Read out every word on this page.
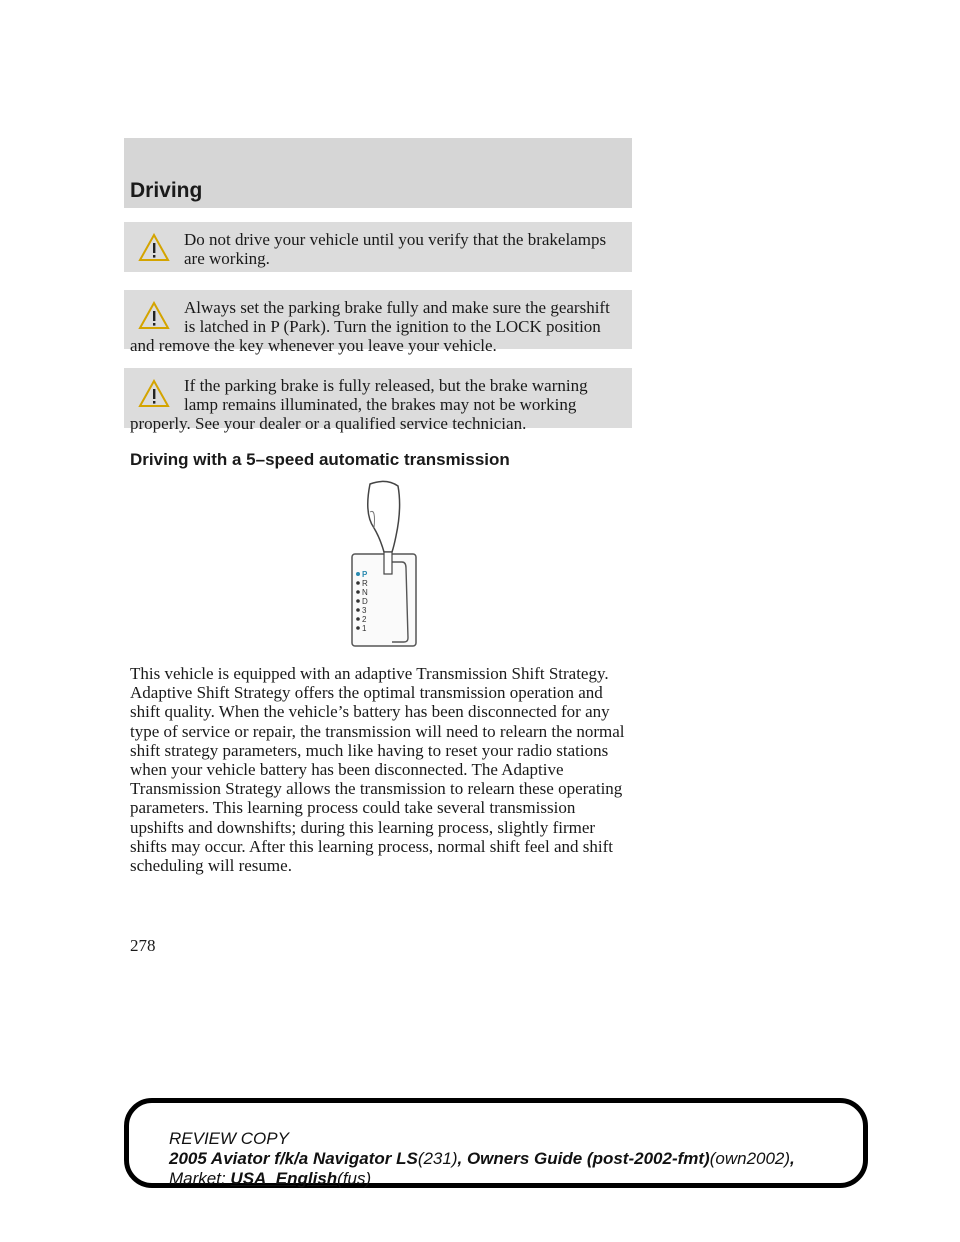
Driving
Do not drive your vehicle until you verify that the brakelamps are working.
Always set the parking brake fully and make sure the gearshift is latched in P (Park). Turn the ignition to the LOCK position and remove the key whenever you leave your vehicle.
If the parking brake is fully released, but the brake warning lamp remains illuminated, the brakes may not be working properly. See your dealer or a qualified service technician.
Driving with a 5–speed automatic transmission
P
R
N
D
3
2
1
This vehicle is equipped with an adaptive Transmission Shift Strategy. Adaptive Shift Strategy offers the optimal transmission operation and shift quality. When the vehicle’s battery has been disconnected for any type of service or repair, the transmission will need to relearn the normal shift strategy parameters, much like having to reset your radio stations when your vehicle battery has been disconnected. The Adaptive Transmission Strategy allows the transmission to relearn these operating parameters. This learning process could take several transmission upshifts and downshifts; during this learning process, slightly firmer shifts may occur. After this learning process, normal shift feel and shift scheduling will resume.
278
REVIEW COPY
2005 Aviator f/k/a Navigator LS(231), Owners Guide (post-2002-fmt)(own2002),
Market: USA_English(fus)
